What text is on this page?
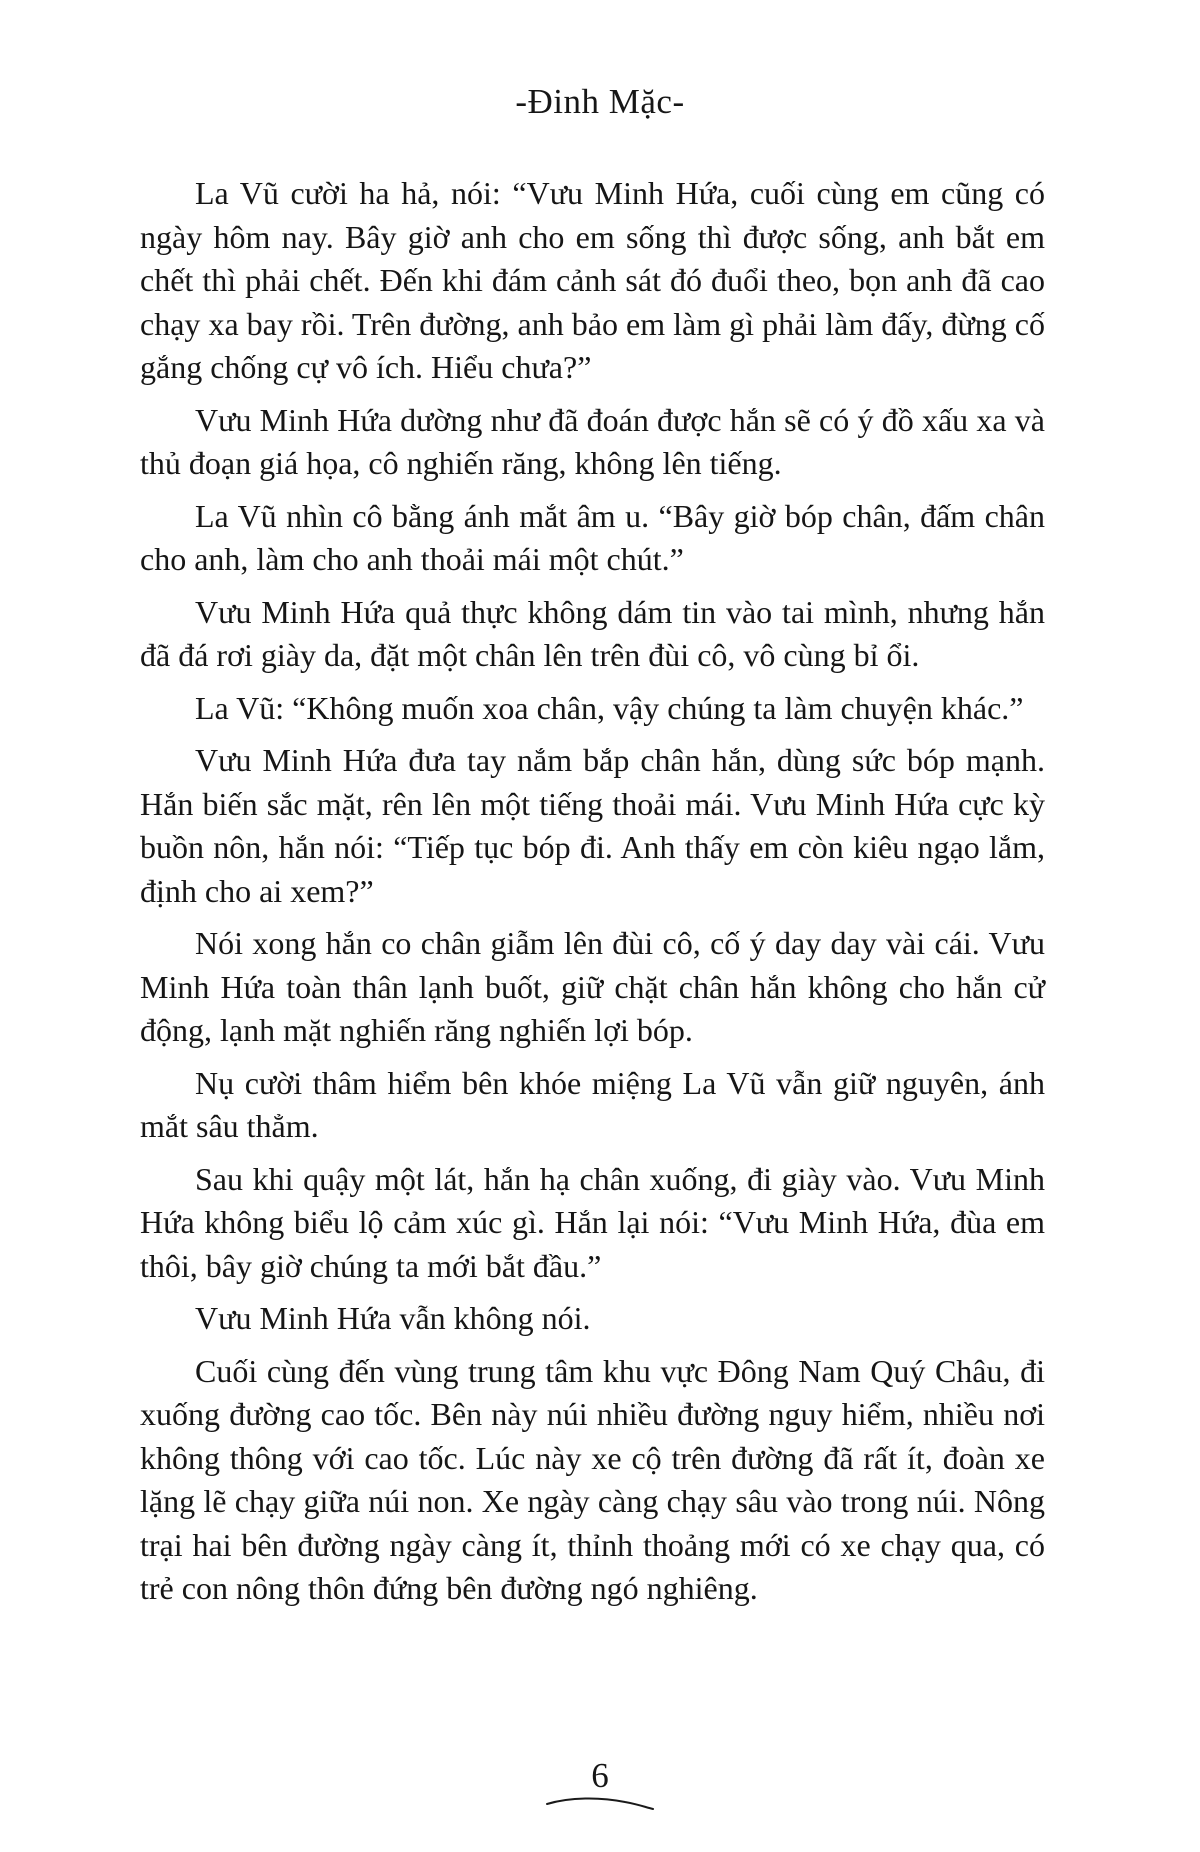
-Đinh Mặc-

La Vũ cười ha hả, nói: “Vưu Minh Hứa, cuối cùng em cũng có ngày hôm nay. Bây giờ anh cho em sống thì được sống, anh bắt em chết thì phải chết. Đến khi đám cảnh sát đó đuổi theo, bọn anh đã cao chạy xa bay rồi. Trên đường, anh bảo em làm gì phải làm đấy, đừng cố gắng chống cự vô ích. Hiểu chưa?”

Vưu Minh Hứa dường như đã đoán được hắn sẽ có ý đồ xấu xa và thủ đoạn giá họa, cô nghiến răng, không lên tiếng.

La Vũ nhìn cô bằng ánh mắt âm u. “Bây giờ bóp chân, đấm chân cho anh, làm cho anh thoải mái một chút.”

Vưu Minh Hứa quả thực không dám tin vào tai mình, nhưng hắn đã đá rơi giày da, đặt một chân lên trên đùi cô, vô cùng bỉ ổi.

La Vũ: “Không muốn xoa chân, vậy chúng ta làm chuyện khác.”

Vưu Minh Hứa đưa tay nắm bắp chân hắn, dùng sức bóp mạnh. Hắn biến sắc mặt, rên lên một tiếng thoải mái. Vưu Minh Hứa cực kỳ buồn nôn, hắn nói: “Tiếp tục bóp đi. Anh thấy em còn kiêu ngạo lắm, định cho ai xem?”

Nói xong hắn co chân giẫm lên đùi cô, cố ý day day vài cái. Vưu Minh Hứa toàn thân lạnh buốt, giữ chặt chân hắn không cho hắn cử động, lạnh mặt nghiến răng nghiến lợi bóp.

Nụ cười thâm hiểm bên khóe miệng La Vũ vẫn giữ nguyên, ánh mắt sâu thẳm.

Sau khi quậy một lát, hắn hạ chân xuống, đi giày vào. Vưu Minh Hứa không biểu lộ cảm xúc gì. Hắn lại nói: “Vưu Minh Hứa, đùa em thôi, bây giờ chúng ta mới bắt đầu.”

Vưu Minh Hứa vẫn không nói.

Cuối cùng đến vùng trung tâm khu vực Đông Nam Quý Châu, đi xuống đường cao tốc. Bên này núi nhiều đường nguy hiểm, nhiều nơi không thông với cao tốc. Lúc này xe cộ trên đường đã rất ít, đoàn xe lặng lẽ chạy giữa núi non. Xe ngày càng chạy sâu vào trong núi. Nông trại hai bên đường ngày càng ít, thỉnh thoảng mới có xe chạy qua, có trẻ con nông thôn đứng bên đường ngó nghiêng.

6
